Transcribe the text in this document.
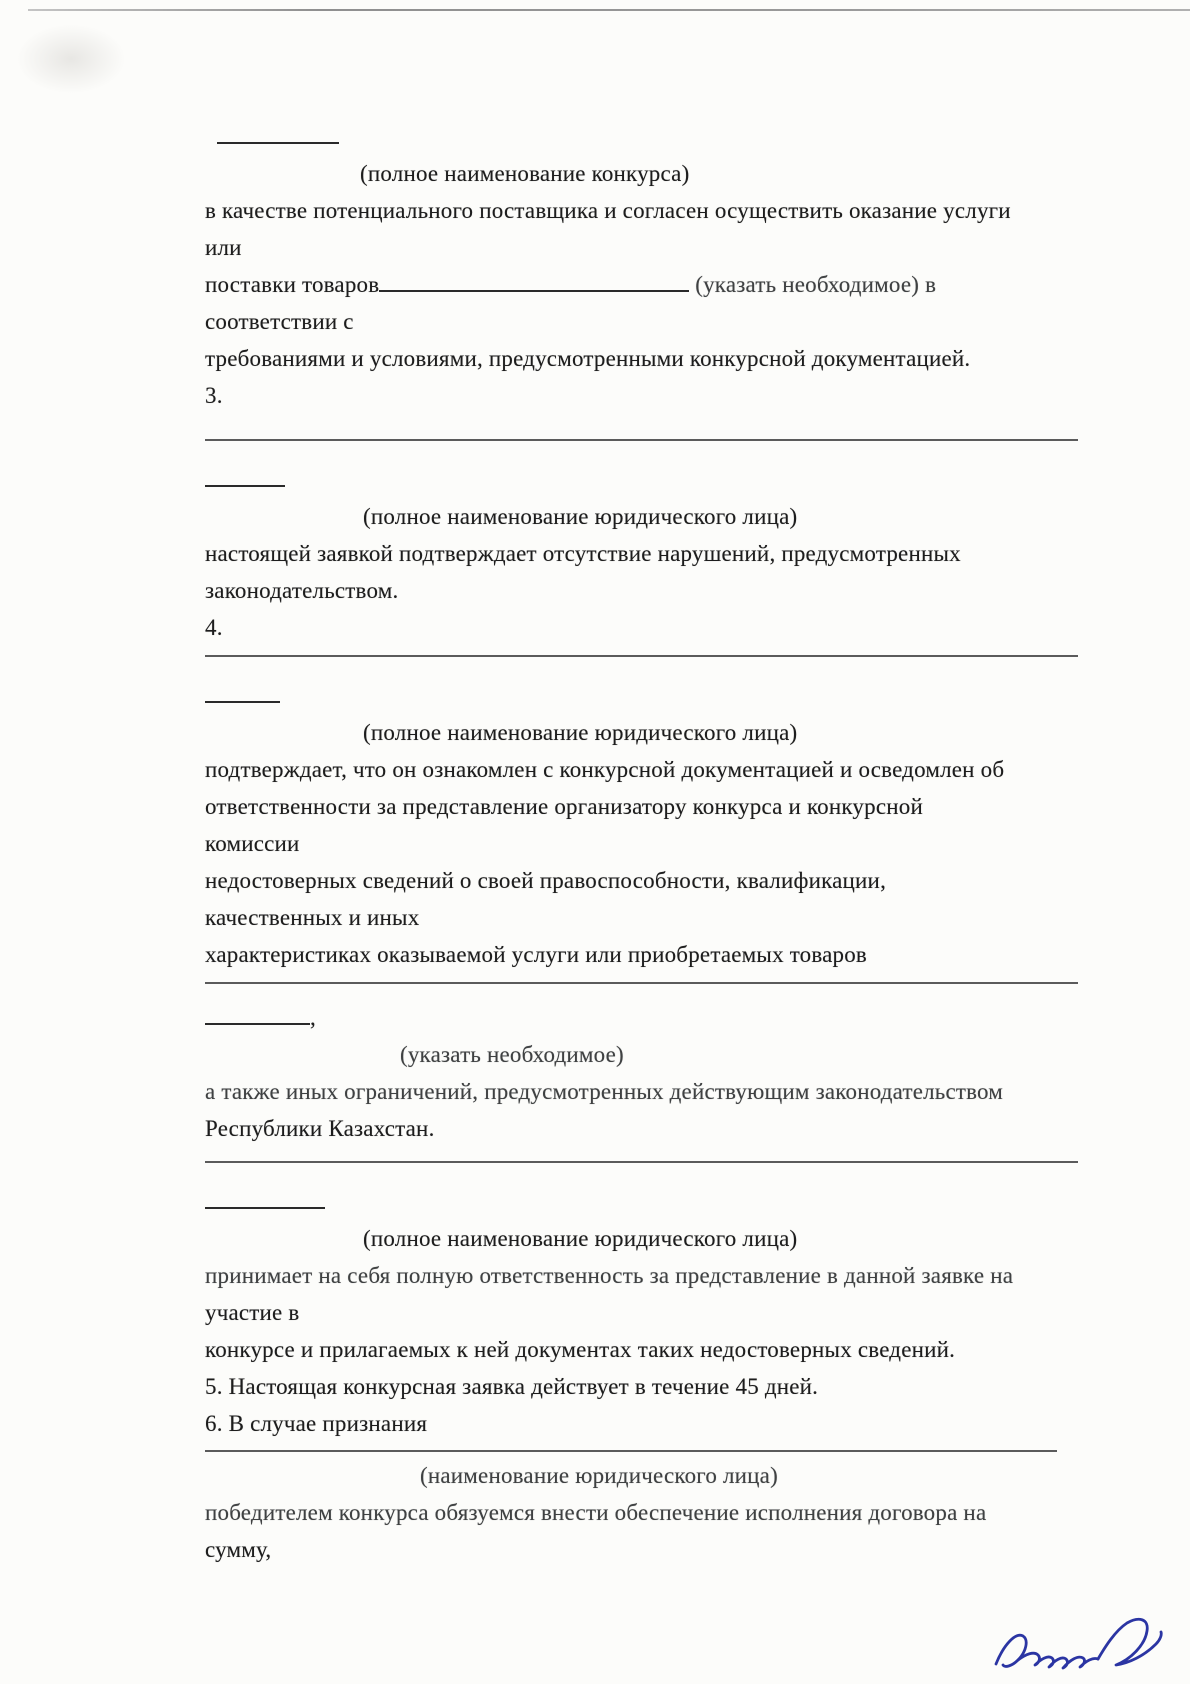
(полное наименование конкурса)
в качестве потенциального поставщика и согласен осуществить оказание услуги
или
поставки товаров	(указать необходимое) в
соответствии с
требованиями и условиями, предусмотренными конкурсной документацией.
3.
(полное наименование юридического лица)
настоящей заявкой подтверждает отсутствие нарушений, предусмотренных
законодательством.
4.
(полное наименование юридического лица)
подтверждает, что он ознакомлен с конкурсной документацией и осведомлен об
ответственности за представление организатору конкурса и конкурсной
комиссии
недостоверных сведений о своей правоспособности, квалификации,
качественных и иных
характеристиках оказываемой услуги или приобретаемых товаров
,
(указать необходимое)
а также иных ограничений, предусмотренных действующим законодательством
Республики Казахстан.
(полное наименование юридического лица)
принимает на себя полную ответственность за представление в данной заявке на
участие в
конкурсе и прилагаемых к ней документах таких недостоверных сведений.
5. Настоящая конкурсная заявка действует в течение 45 дней.
6. В случае признания
(наименование юридического лица)
победителем конкурса обязуемся внести обеспечение исполнения договора на
сумму,
